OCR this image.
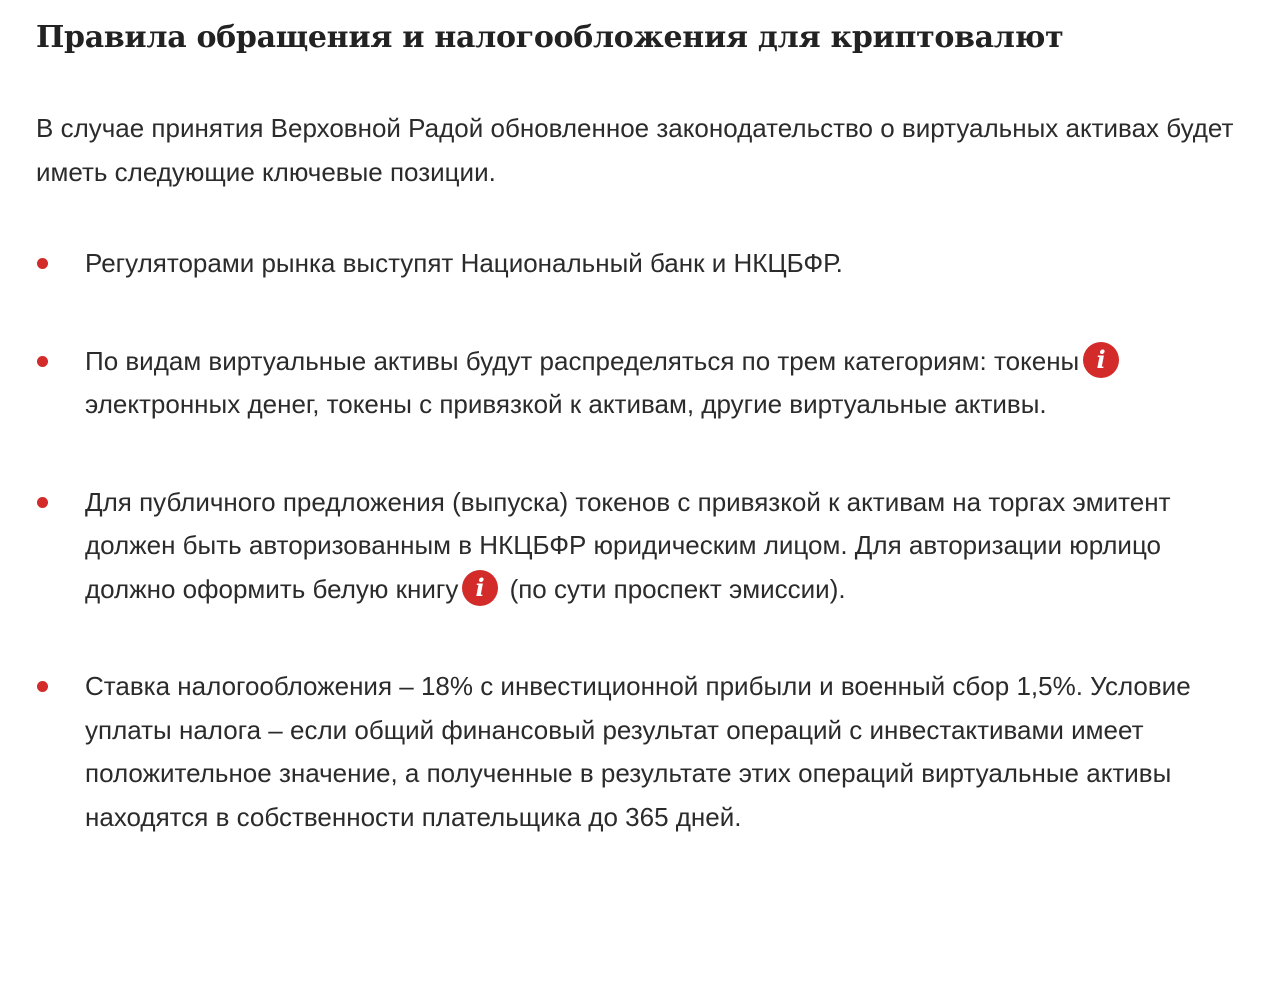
Правила обращения и налогообложения для криптовалют

В случае принятия Верховной Радой обновленное законодательство о виртуальных активах будет иметь следующие ключевые позиции.

Регуляторами рынка выступят Национальный банк и НКЦБФР.
По видам виртуальные активы будут распределяться по трем категориям: токены i
электронных денег, токены с привязкой к активам, другие виртуальные активы.
Для публичного предложения (выпуска) токенов с привязкой к активам на торгах эмитент должен быть авторизованным в НКЦБФР юридическим лицом. Для авторизации юрлицо должно оформить белую книгу i (по сути проспект эмиссии).
Ставка налогообложения – 18% с инвестиционной прибыли и военный сбор 1,5%. Условие уплаты налога – если общий финансовый результат операций с инвестактивами имеет положительное значение, а полученные в результате этих операций виртуальные активы находятся в собственности плательщика до 365 дней.
